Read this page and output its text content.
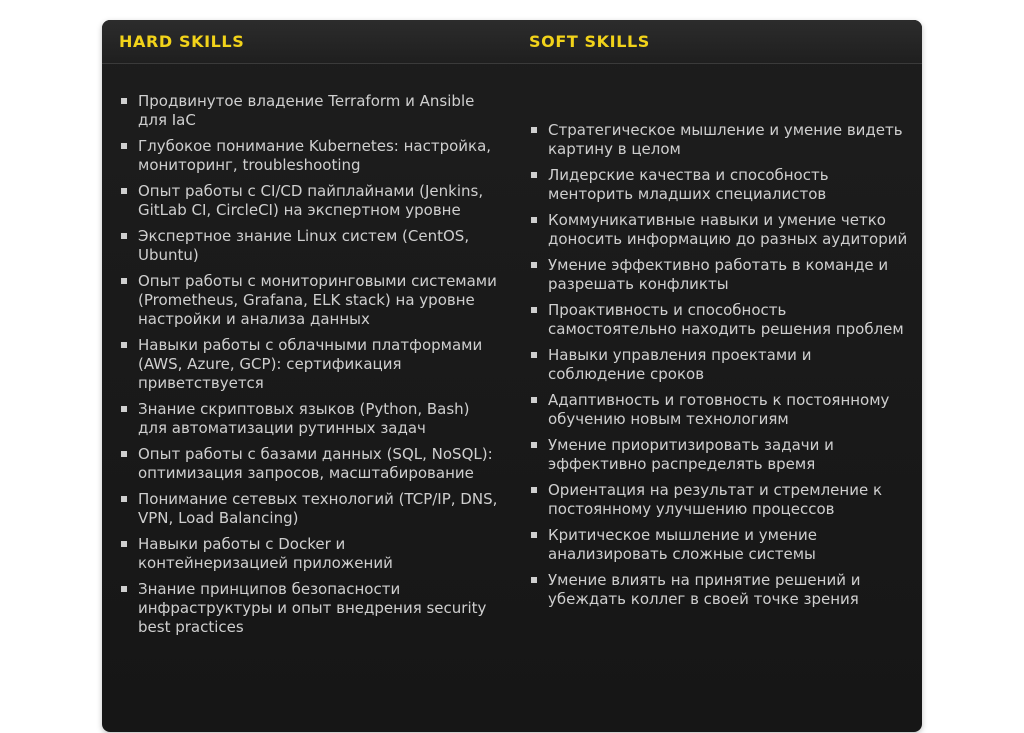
HARD SKILLS	SOFT SKILLS
Продвинутое владение Terraform и Ansible для IaC
Глубокое понимание Kubernetes: настройка, мониторинг, troubleshooting
Опыт работы с CI/CD пайплайнами (Jenkins, GitLab CI, CircleCI) на экспертном уровне
Экспертное знание Linux систем (CentOS, Ubuntu)
Опыт работы с мониторинговыми системами (Prometheus, Grafana, ELK stack) на уровне настройки и анализа данных
Навыки работы с облачными платформами (AWS, Azure, GCP): сертификация приветствуется
Знание скриптовых языков (Python, Bash) для автоматизации рутинных задач
Опыт работы с базами данных (SQL, NoSQL): оптимизация запросов, масштабирование
Понимание сетевых технологий (TCP/IP, DNS, VPN, Load Balancing)
Навыки работы с Docker и контейнеризацией приложений
Знание принципов безопасности инфраструктуры и опыт внедрения security best practices
Стратегическое мышление и умение видеть картину в целом
Лидерские качества и способность менторить младших специалистов
Коммуникативные навыки и умение четко доносить информацию до разных аудиторий
Умение эффективно работать в команде и разрешать конфликты
Проактивность и способность самостоятельно находить решения проблем
Навыки управления проектами и соблюдение сроков
Адаптивность и готовность к постоянному обучению новым технологиям
Умение приоритизировать задачи и эффективно распределять время
Ориентация на результат и стремление к постоянному улучшению процессов
Критическое мышление и умение анализировать сложные системы
Умение влиять на принятие решений и убеждать коллег в своей точке зрения
